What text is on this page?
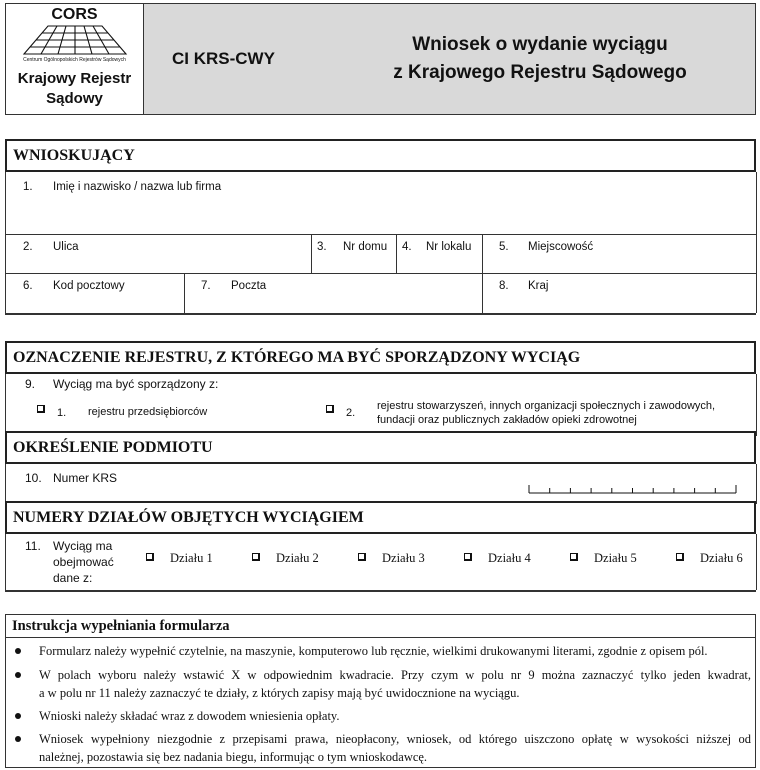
CORS
Centrum Ogólnopolskich Rejestrów Sądowych
Krajowy Rejestr
Sądowy
CI KRS-CWY
Wniosek o wydanie wyciągu
z Krajowego Rejestru Sądowego
WNIOSKUJĄCY
1. Imię i nazwisko / nazwa lub firma
2. Ulica	3. Nr domu 4. Nr lokalu 5. Miejscowość
6. Kod pocztowy	7. Poczta	8. Kraj
OZNACZENIE REJESTRU, Z KTÓREGO MA BYĆ SPORZĄDZONY WYCIĄG
9. Wyciąg ma być sporządzony z:
1. rejestru przedsiębiorców	2.
rejestru stowarzyszeń, innych organizacji społecznych i zawodowych,
fundacji oraz publicznych zakładów opieki zdrowotnej
OKREŚLENIE PODMIOTU
10. Numer KRS
NUMERY DZIAŁÓW OBJĘTYCH WYCIĄGIEM
11. Wyciąg ma
obejmować
dane z:
Działu 1	Działu 2	Działu 3	Działu 4	Działu 5	Działu 6
Instrukcja wypełniania formularza
Formularz należy wypełnić czytelnie, na maszynie, komputerowo lub ręcznie, wielkimi drukowanymi literami, zgodnie z opisem pól.
W polach wyboru należy wstawić X w odpowiednim kwadracie. Przy czym w polu nr 9 można zaznaczyć tylko jeden kwadrat,
a w polu nr 11 należy zaznaczyć te działy, z których zapisy mają być uwidocznione na wyciągu.
Wnioski należy składać wraz z dowodem wniesienia opłaty.
Wniosek wypełniony niezgodnie z przepisami prawa, nieopłacony, wniosek, od którego uiszczono opłatę w wysokości niższej od
należnej, pozostawia się bez nadania biegu, informując o tym wnioskodawcę.
